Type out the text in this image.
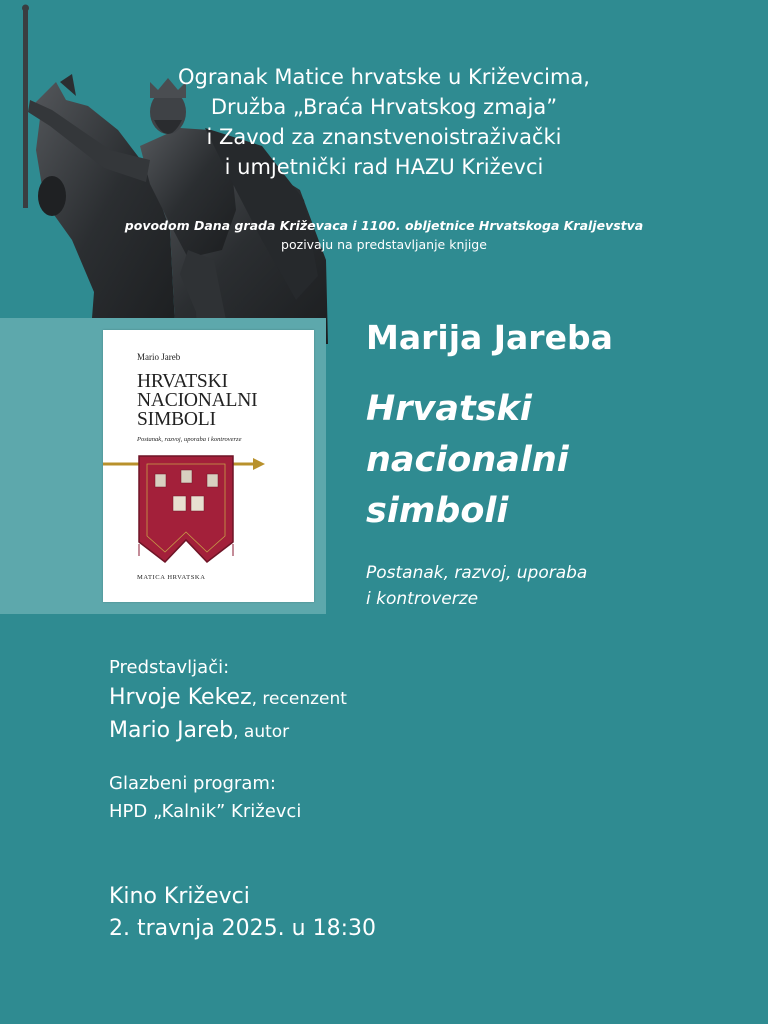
Ogranak Matice hrvatske u Križevcima,
Družba „Braća Hrvatskog zmaja”
i Zavod za znanstvenoistraživački
i umjetnički rad HAZU Križevci
povodom Dana grada Križevaca i 1100. obljetnice Hrvatskoga Kraljevstva
pozivaju na predstavljanje knjige
Mario Jareb
HRVATSKI
NACIONALNI
SIMBOLI
Postanak, razvoj, uporaba i kontroverze
MATICA HRVATSKA
Marija Jareba
Hrvatski
nacionalni
simboli
Postanak, razvoj, uporaba
i kontroverze
Predstavljači:
Hrvoje Kekez, recenzent
Mario Jareb, autor
Glazbeni program:
HPD „Kalnik” Križevci
Kino Križevci
2. travnja 2025. u 18:30
